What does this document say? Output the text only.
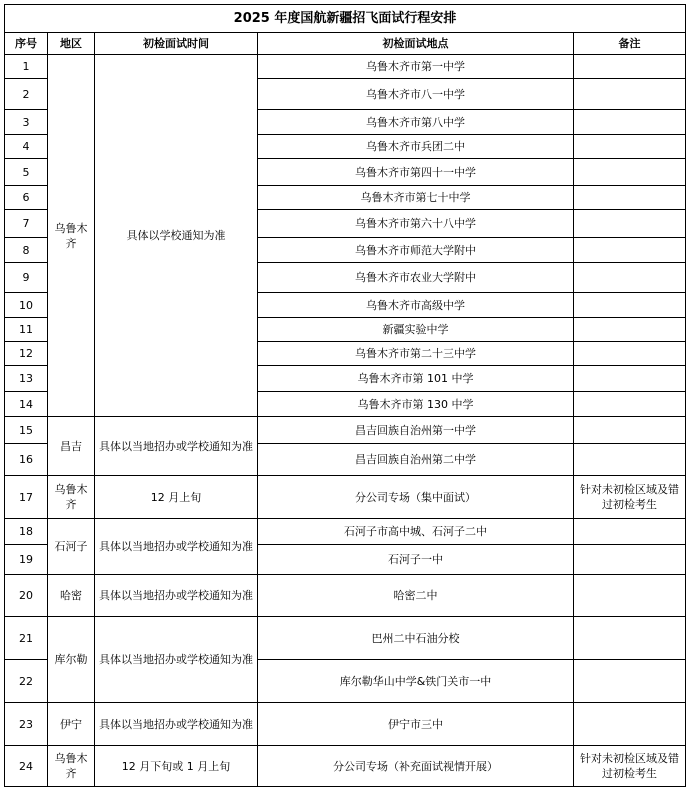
2025 年度国航新疆招飞面试行程安排				
序号	地区	初检面试时间	初检面试地点	备注
1	乌鲁木齐	具体以学校通知为准	乌鲁木齐市第一中学	
2			乌鲁木齐市八一中学	
3			乌鲁木齐市第八中学	
4			乌鲁木齐市兵团二中	
5			乌鲁木齐市第四十一中学	
6			乌鲁木齐市第七十中学	
7			乌鲁木齐市第六十八中学	
8			乌鲁木齐市师范大学附中	
9			乌鲁木齐市农业大学附中	
10			乌鲁木齐市高级中学	
11			新疆实验中学	
12			乌鲁木齐市第二十三中学	
13			乌鲁木齐市第 101 中学	
14			乌鲁木齐市第 130 中学	
15	昌吉	具体以当地招办或学校通知为准	昌吉回族自治州第一中学	
16			昌吉回族自治州第二中学	
17	乌鲁木齐	12 月上旬	分公司专场（集中面试）	针对未初检区域及错过初检考生
18	石河子	具体以当地招办或学校通知为准	石河子市高中城、石河子二中	
19			石河子一中	
20	哈密	具体以当地招办或学校通知为准	哈密二中	
21	库尔勒	具体以当地招办或学校通知为准	巴州二中石油分校	
22			库尔勒华山中学&铁门关市一中	
23	伊宁	具体以当地招办或学校通知为准	伊宁市三中	
24	乌鲁木齐	12 月下旬或 1 月上旬	分公司专场（补充面试视情开展）	针对未初检区域及错过初检考生
